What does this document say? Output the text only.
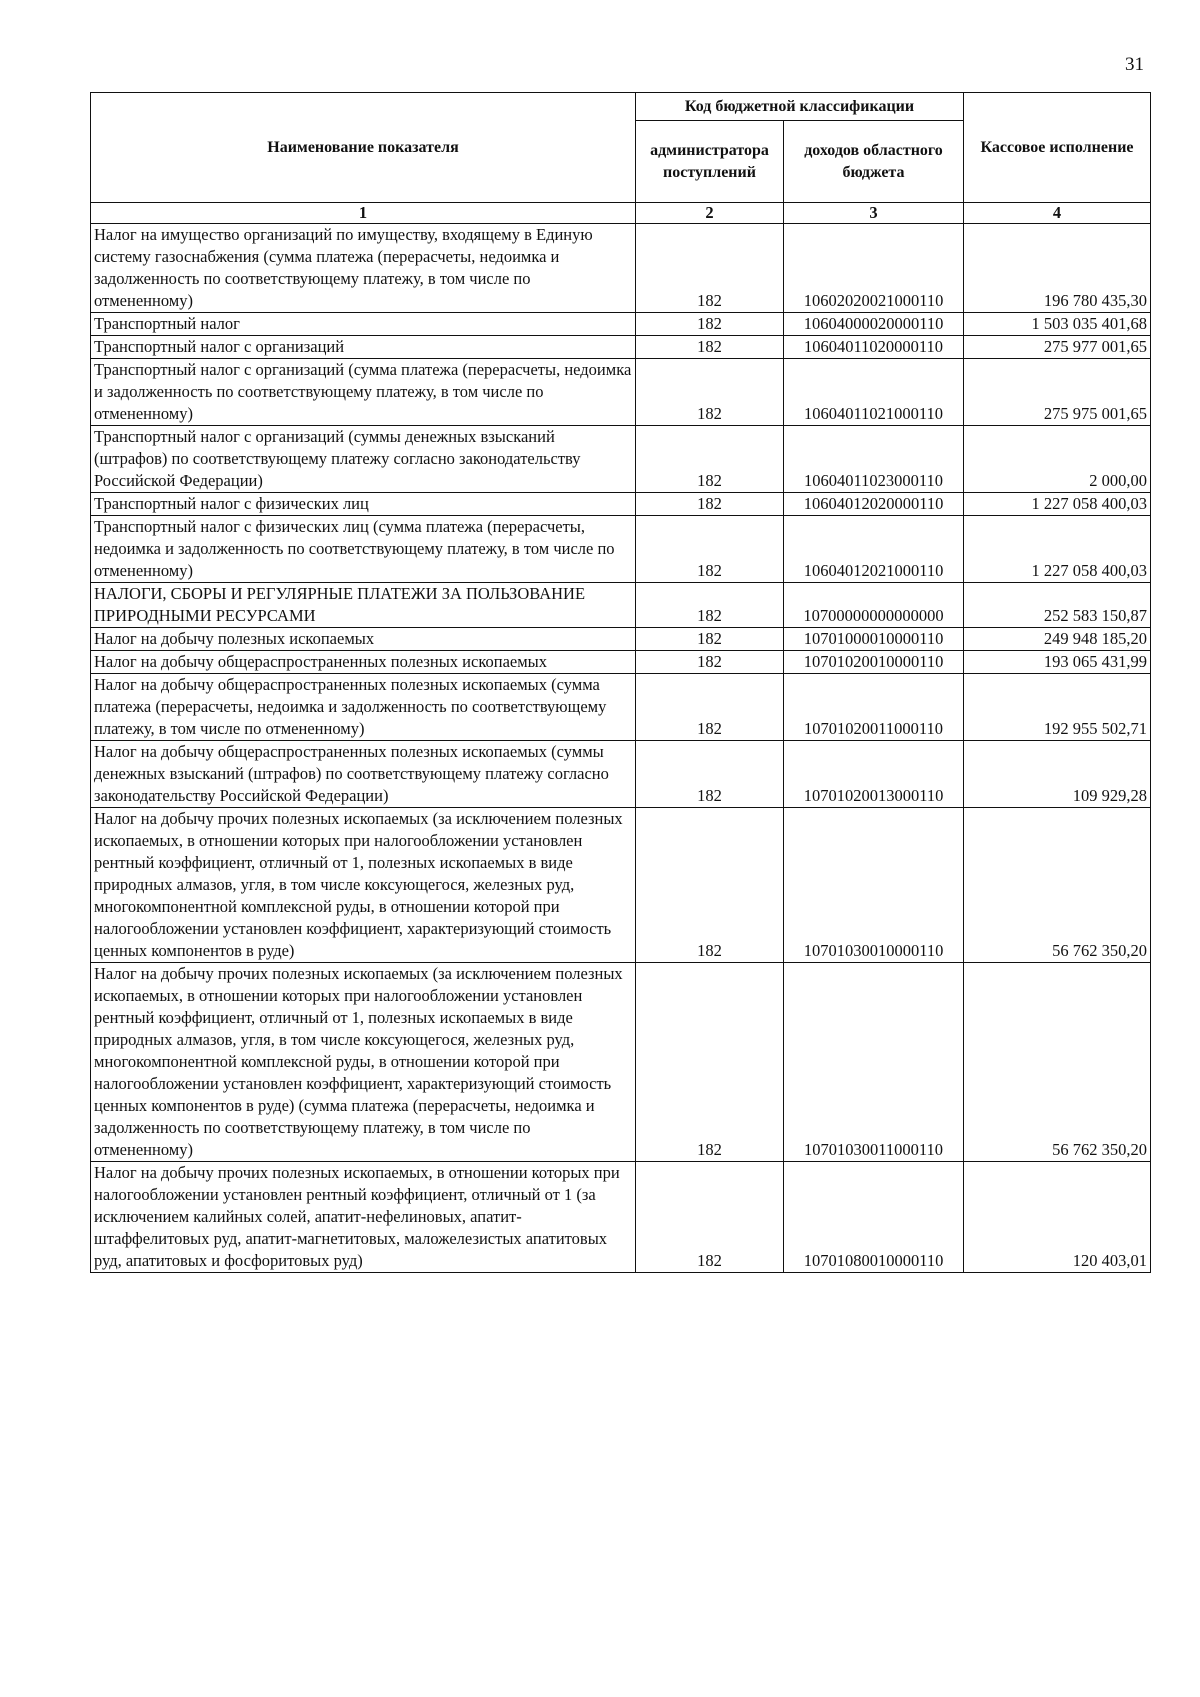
31
Наименование показателя	Код бюджетной классификации		Кассовое исполнение
	администратора поступлений	доходов областного бюджета	
1	2	3	4
Налог на имущество организаций по имуществу, входящему в Единую систему газоснабжения (сумма платежа (перерасчеты, недоимка и задолженность по соответствующему платежу, в том числе по отмененному)	182	10602020021000110	196 780 435,30
Транспортный налог	182	10604000020000110	1 503 035 401,68
Транспортный налог с организаций	182	10604011020000110	275 977 001,65
Транспортный налог с организаций (сумма платежа (перерасчеты, недоимка и задолженность по соответствующему платежу, в том числе по отмененному)	182	10604011021000110	275 975 001,65
Транспортный налог с организаций (суммы денежных взысканий (штрафов) по соответствующему платежу согласно законодательству Российской Федерации)	182	10604011023000110	2 000,00
Транспортный налог с физических лиц	182	10604012020000110	1 227 058 400,03
Транспортный налог с физических лиц (сумма платежа (перерасчеты, недоимка и задолженность по соответствующему платежу, в том числе по отмененному)	182	10604012021000110	1 227 058 400,03
НАЛОГИ, СБОРЫ И РЕГУЛЯРНЫЕ ПЛАТЕЖИ ЗА ПОЛЬЗОВАНИЕ ПРИРОДНЫМИ РЕСУРСАМИ	182	10700000000000000	252 583 150,87
Налог на добычу полезных ископаемых	182	10701000010000110	249 948 185,20
Налог на добычу общераспространенных полезных ископаемых	182	10701020010000110	193 065 431,99
Налог на добычу общераспространенных полезных ископаемых (сумма платежа (перерасчеты, недоимка и задолженность по соответствующему платежу, в том числе по отмененному)	182	10701020011000110	192 955 502,71
Налог на добычу общераспространенных полезных ископаемых (суммы денежных взысканий (штрафов) по соответствующему платежу согласно законодательству Российской Федерации)	182	10701020013000110	109 929,28
Налог на добычу прочих полезных ископаемых (за исключением полезных ископаемых, в отношении которых при налогообложении установлен рентный коэффициент, отличный от 1, полезных ископаемых в виде природных алмазов, угля, в том числе коксующегося, железных руд, многокомпонентной комплексной руды, в отношении которой при налогообложении установлен коэффициент, характеризующий стоимость ценных компонентов в руде)	182	10701030010000110	56 762 350,20
Налог на добычу прочих полезных ископаемых (за исключением полезных ископаемых, в отношении которых при налогообложении установлен рентный коэффициент, отличный от 1, полезных ископаемых в виде природных алмазов, угля, в том числе коксующегося, железных руд, многокомпонентной комплексной руды, в отношении которой при налогообложении установлен коэффициент, характеризующий стоимость ценных компонентов в руде) (сумма платежа (перерасчеты, недоимка и задолженность по соответствующему платежу, в том числе по отмененному)	182	10701030011000110	56 762 350,20
Налог на добычу прочих полезных ископаемых, в отношении которых при налогообложении установлен рентный коэффициент, отличный от 1 (за исключением калийных солей, апатит-нефелиновых, апатит-штаффелитовых руд, апатит-магнетитовых, маложелезистых апатитовых руд, апатитовых и фосфоритовых руд)	182	10701080010000110	120 403,01
